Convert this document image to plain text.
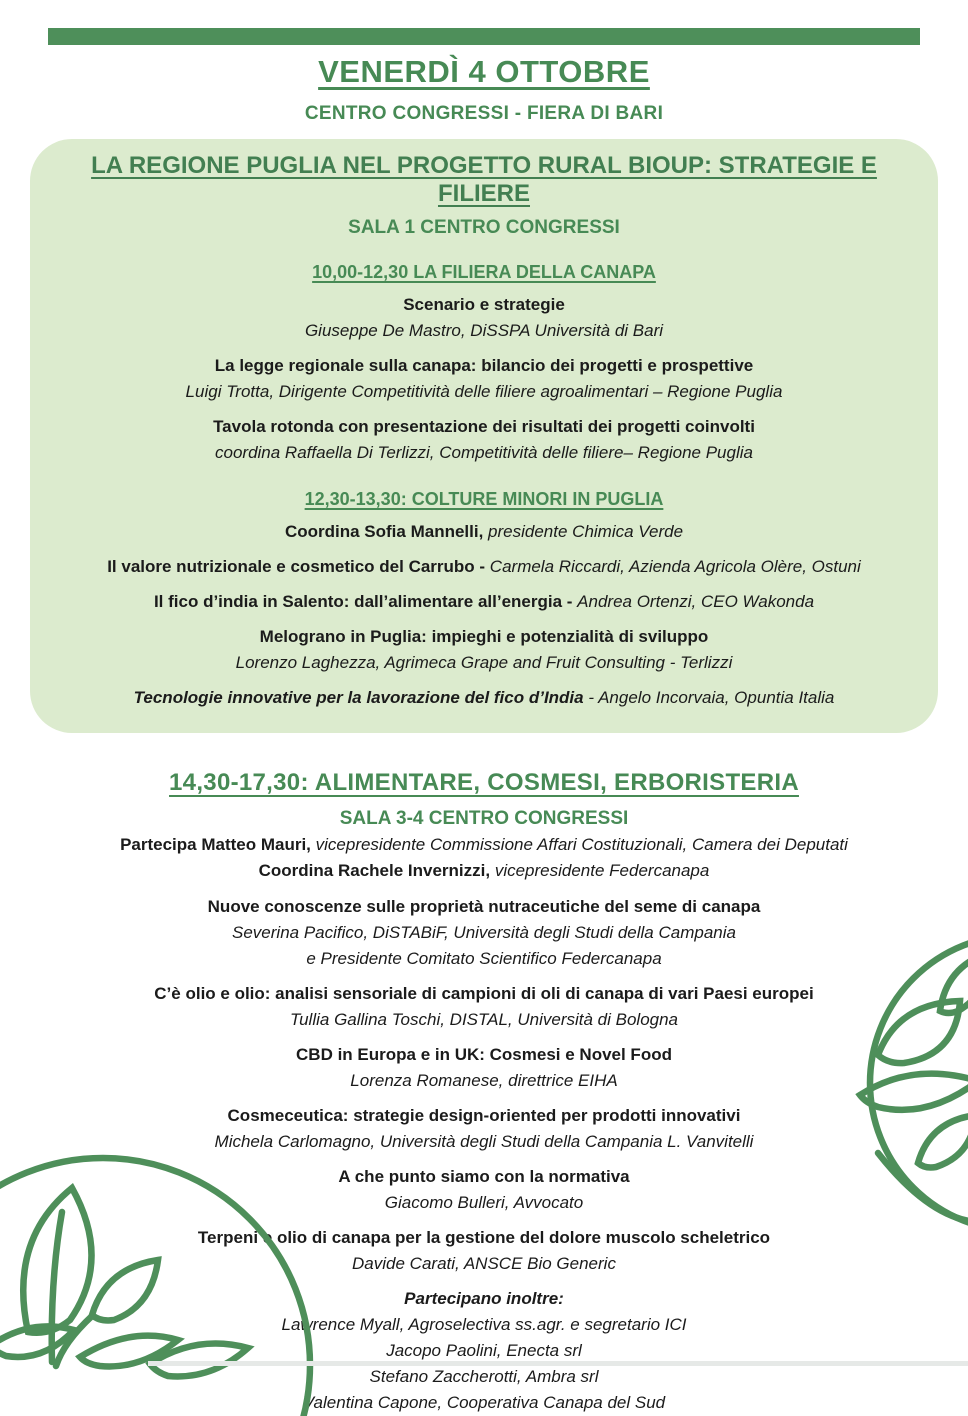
VENERDÌ 4 OTTOBRE
CENTRO CONGRESSI - FIERA DI BARI
LA REGIONE PUGLIA NEL PROGETTO RURAL BIOUP: STRATEGIE E FILIERE
SALA 1 CENTRO CONGRESSI
10,00-12,30 LA FILIERA DELLA CANAPA
Scenario e strategie
Giuseppe De Mastro, DiSSPA Università di Bari
La legge regionale sulla canapa: bilancio dei progetti e prospettive
Luigi Trotta, Dirigente Competitività delle filiere agroalimentari – Regione Puglia
Tavola rotonda con presentazione dei risultati dei progetti coinvolti
coordina Raffaella Di Terlizzi, Competitività delle filiere– Regione Puglia
12,30-13,30: COLTURE MINORI IN PUGLIA
Coordina Sofia Mannelli, presidente Chimica Verde
Il valore nutrizionale e cosmetico del Carrubo - Carmela Riccardi, Azienda Agricola Olère, Ostuni
Il fico d’india in Salento: dall’alimentare all’energia - Andrea Ortenzi, CEO Wakonda
Melograno in Puglia: impieghi e potenzialità di sviluppo
Lorenzo Laghezza, Agrimeca Grape and Fruit Consulting - Terlizzi
Tecnologie innovative per la lavorazione del fico d’India - Angelo Incorvaia, Opuntia Italia
14,30-17,30: ALIMENTARE, COSMESI, ERBORISTERIA
SALA 3-4 CENTRO CONGRESSI
Partecipa Matteo Mauri, vicepresidente Commissione Affari Costituzionali, Camera dei Deputati
Coordina Rachele Invernizzi, vicepresidente Federcanapa
Nuove conoscenze sulle proprietà nutraceutiche del seme di canapa
Severina Pacifico, DiSTABiF, Università degli Studi della Campania
e Presidente Comitato Scientifico Federcanapa
C’è olio e olio: analisi sensoriale di campioni di oli di canapa di vari Paesi europei
Tullia Gallina Toschi, DISTAL, Università di Bologna
CBD in Europa e in UK: Cosmesi e Novel Food
Lorenza Romanese, direttrice EIHA
Cosmeceutica: strategie design-oriented per prodotti innovativi
Michela Carlomagno, Università degli Studi della Campania L. Vanvitelli
A che punto siamo con la normativa
Giacomo Bulleri, Avvocato
Terpeni e olio di canapa per la gestione del dolore muscolo scheletrico
Davide Carati, ANSCE Bio Generic
Partecipano inoltre:
Lawrence Myall, Agroselectiva ss.agr. e segretario ICI
Jacopo Paolini, Enecta srl
Stefano Zaccherotti, Ambra srl
Valentina Capone, Cooperativa Canapa del Sud
